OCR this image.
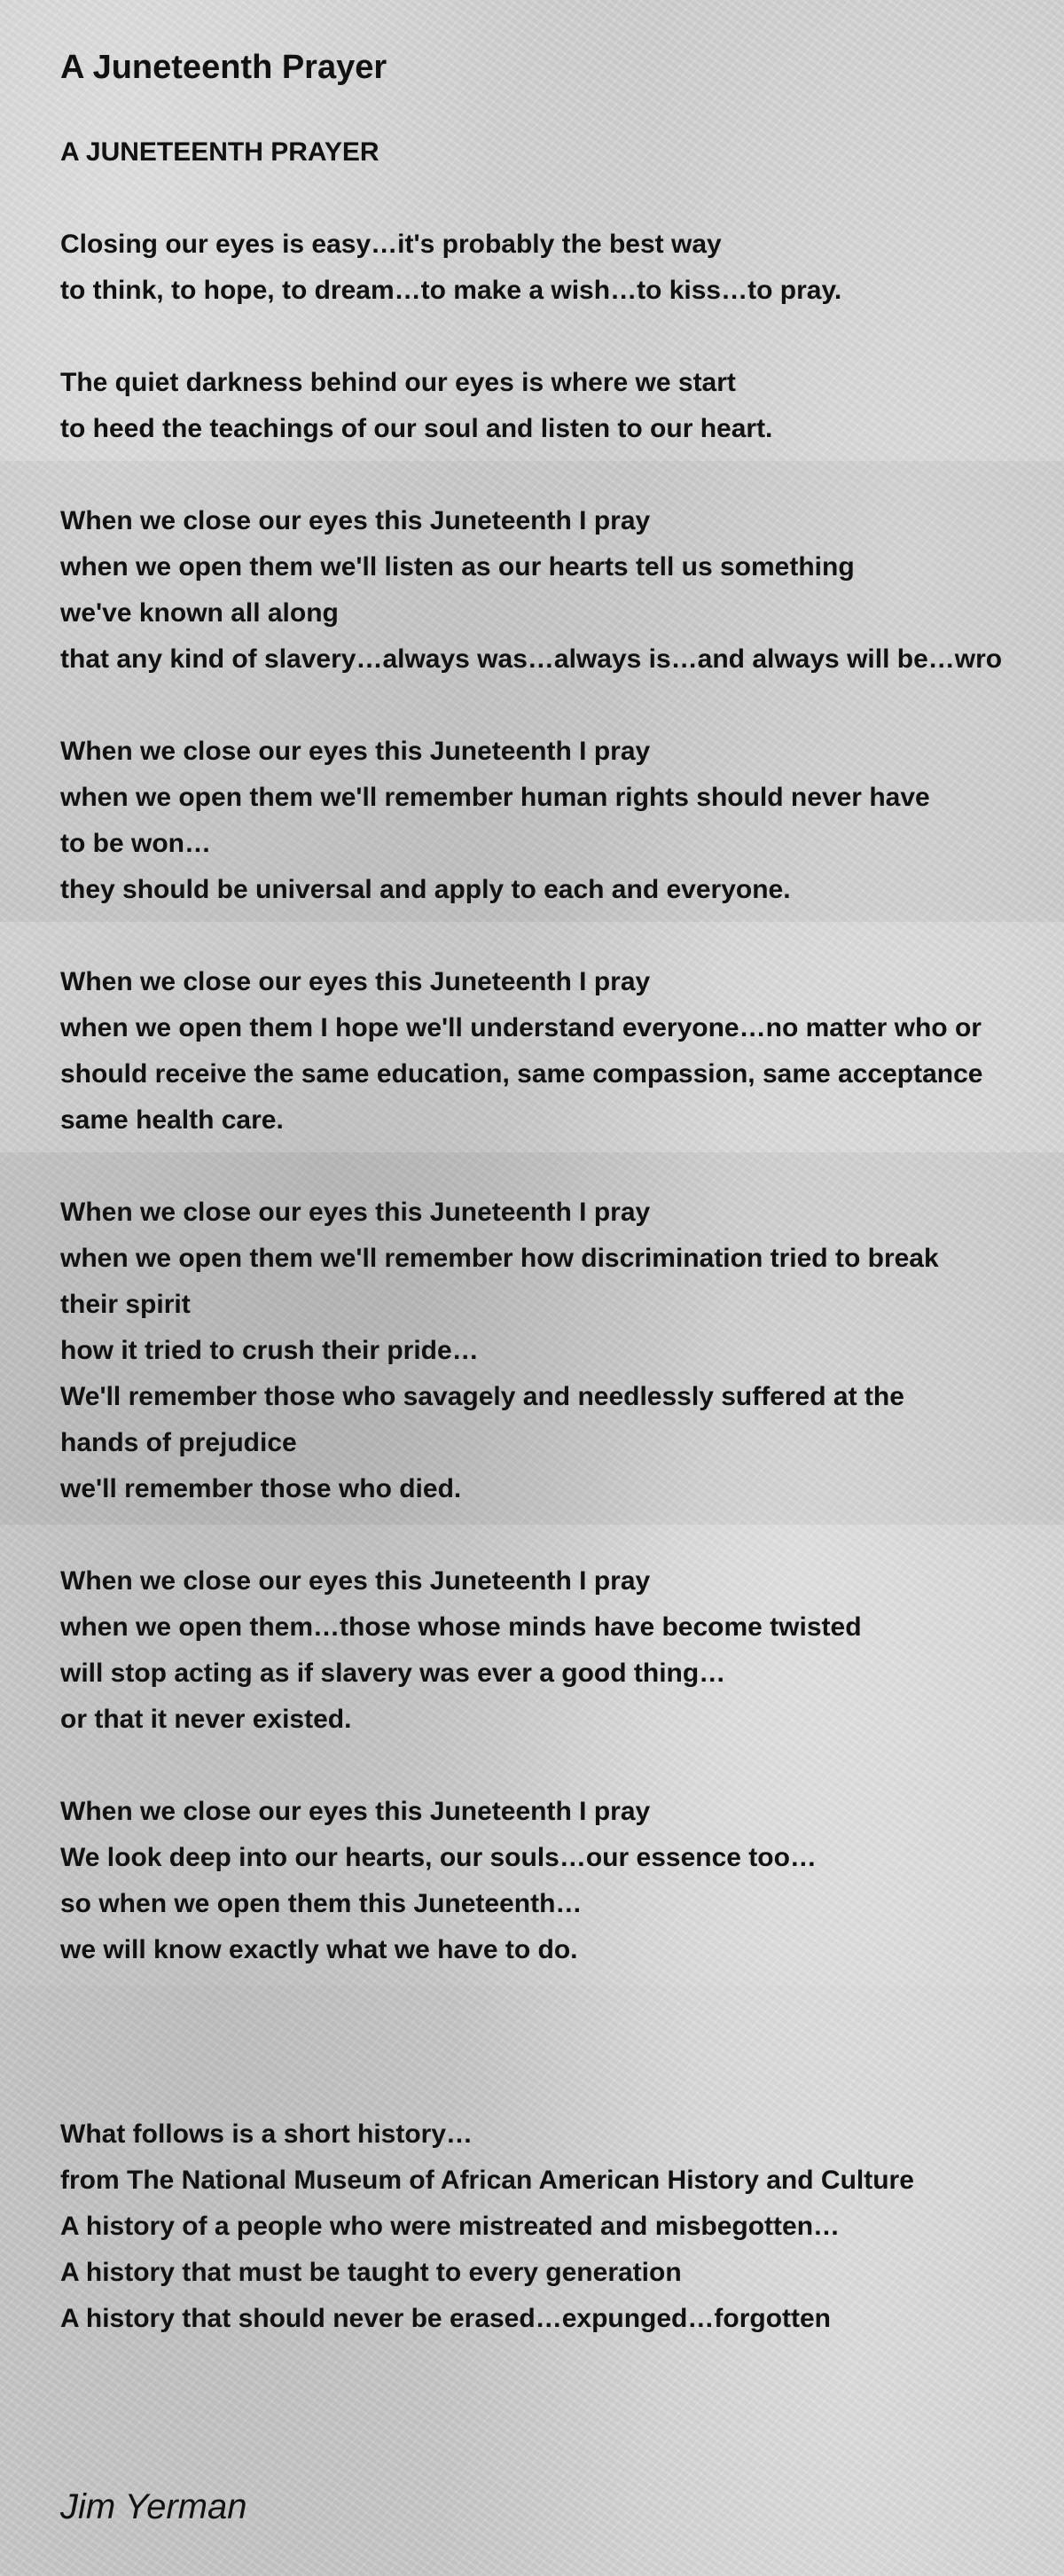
A Juneteenth Prayer
A JUNETEENTH PRAYER
Closing our eyes is easy…it's probably the best way
to think, to hope, to dream…to make a wish…to kiss…to pray.
The quiet darkness behind our eyes is where we start
to heed the teachings of our soul and listen to our heart.
When we close our eyes this Juneteenth I pray
when we open them we'll listen as our hearts tell us something
we've known all along
that any kind of slavery…always was…always is…and always will be…wro
When we close our eyes this Juneteenth I pray
when we open them we'll remember human rights should never have
to be won…
they should be universal and apply to each and everyone.
When we close our eyes this Juneteenth I pray
when we open them I hope we'll understand everyone…no matter who or
should receive the same education, same compassion, same acceptance
same health care.
When we close our eyes this Juneteenth I pray
when we open them we'll remember how discrimination tried to break
their spirit
how it tried to crush their pride…
We'll remember those who savagely and needlessly suffered at the
hands of prejudice
we'll remember those who died.
When we close our eyes this Juneteenth I pray
when we open them…those whose minds have become twisted
will stop acting as if slavery was ever a good thing…
or that it never existed.
When we close our eyes this Juneteenth I pray
We look deep into our hearts, our souls…our essence too…
so when we open them this Juneteenth…
we will know exactly what we have to do.
What follows is a short history…
from The National Museum of African American History and Culture
A history of a people who were mistreated and misbegotten…
A history that must be taught to every generation
A history that should never be erased…expunged…forgotten
Jim Yerman
